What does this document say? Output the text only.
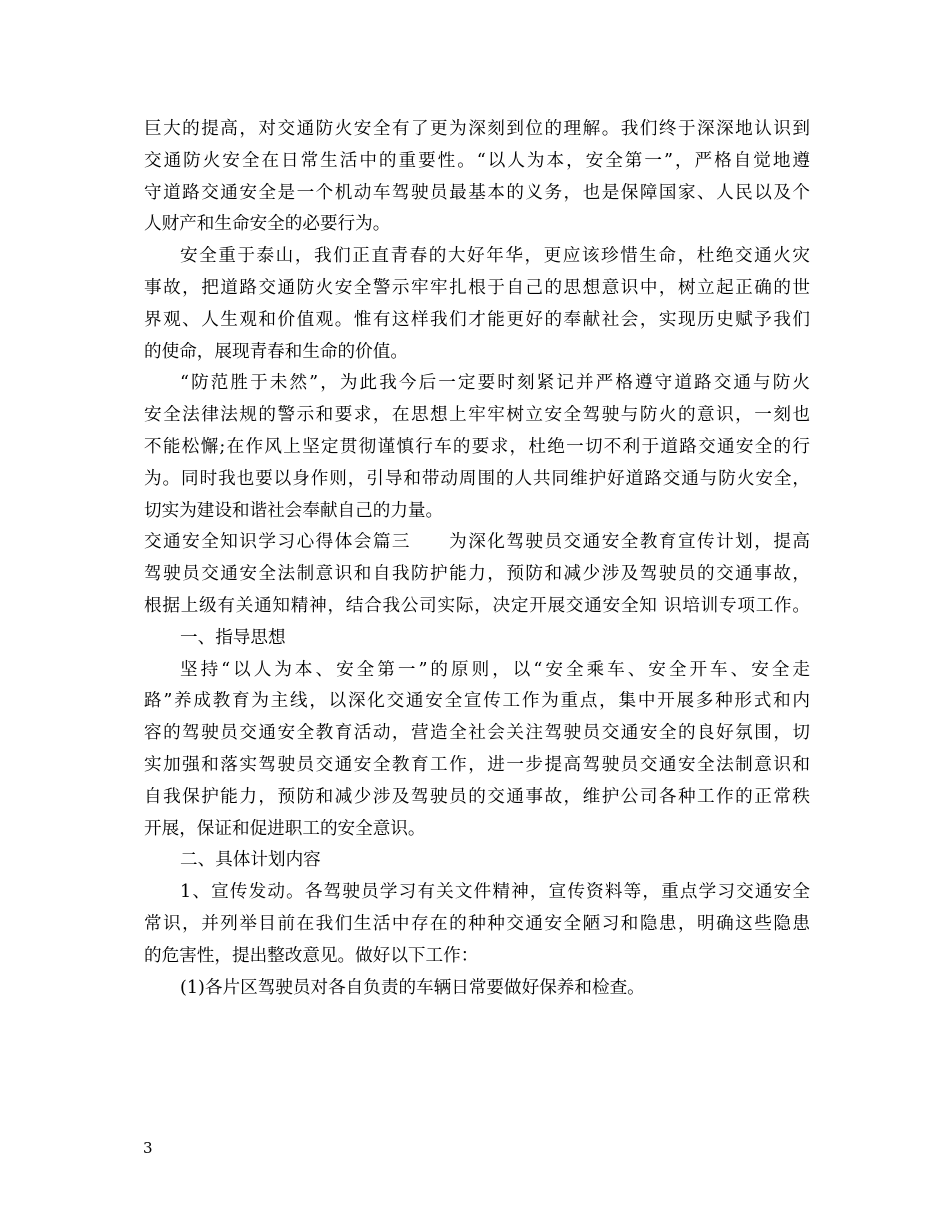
巨大的提高，对交通防火安全有了更为深刻到位的理解。我们终于深深地认识到
交通防火安全在日常生活中的重要性。“以人为本，安全第一”，严格自觉地遵
守道路交通安全是一个机动车驾驶员最基本的义务，也是保障国家、人民以及个
人财产和生命安全的必要行为。
安全重于泰山，我们正直青春的大好年华，更应该珍惜生命，杜绝交通火灾
事故，把道路交通防火安全警示牢牢扎根于自己的思想意识中，树立起正确的世
界观、人生观和价值观。惟有这样我们才能更好的奉献社会，实现历史赋予我们
的使命，展现青春和生命的价值。
“防范胜于未然”，为此我今后一定要时刻紧记并严格遵守道路交通与防火
安全法律法规的警示和要求，在思想上牢牢树立安全驾驶与防火的意识，一刻也
不能松懈;在作风上坚定贯彻谨慎行车的要求，杜绝一切不利于道路交通安全的行
为。同时我也要以身作则，引导和带动周围的人共同维护好道路交通与防火安全，
切实为建设和谐社会奉献自己的力量。
交通安全知识学习心得体会篇三　　为深化驾驶员交通安全教育宣传计划，提高
驾驶员交通安全法制意识和自我防护能力，预防和减少涉及驾驶员的交通事故，
根据上级有关通知精神，结合我公司实际，决定开展交通安全知 识培训专项工作。
一、指导思想
坚持“以人为本、安全第一”的原则，以“安全乘车、安全开车、安全走
路”养成教育为主线，以深化交通安全宣传工作为重点，集中开展多种形式和内
容的驾驶员交通安全教育活动，营造全社会关注驾驶员交通安全的良好氛围，切
实加强和落实驾驶员交通安全教育工作，进一步提高驾驶员交通安全法制意识和
自我保护能力，预防和减少涉及驾驶员的交通事故，维护公司各种工作的正常秩
开展，保证和促进职工的安全意识。
二、具体计划内容
1、宣传发动。各驾驶员学习有关文件精神，宣传资料等，重点学习交通安全
常识，并列举目前在我们生活中存在的种种交通安全陋习和隐患，明确这些隐患
的危害性，提出整改意见。做好以下工作：
(1)各片区驾驶员对各自负责的车辆日常要做好保养和检查。
3
